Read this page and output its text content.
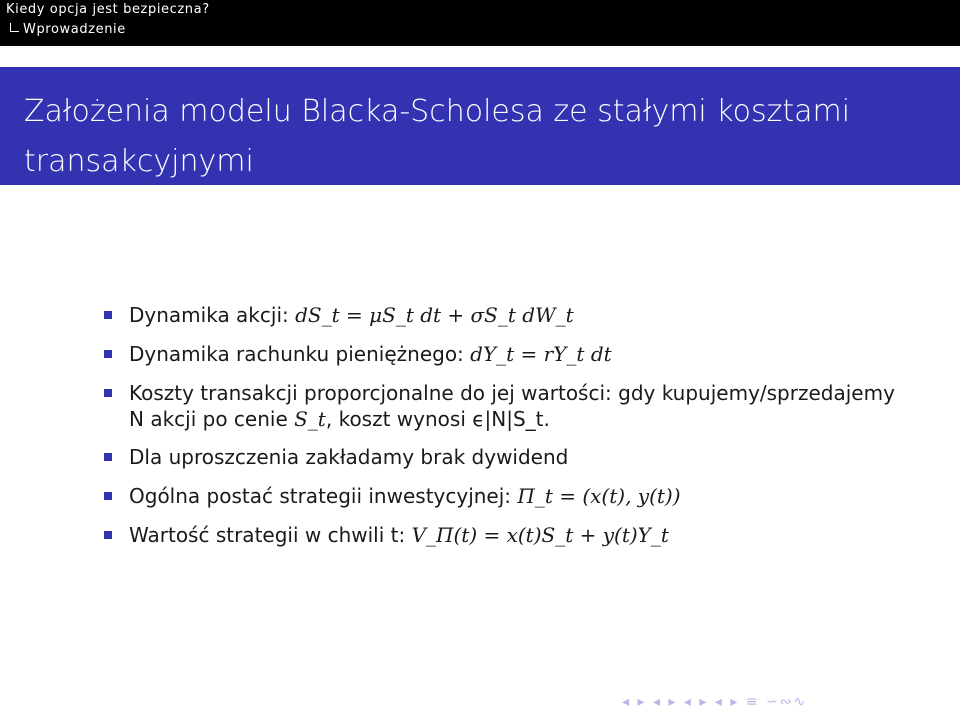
Kiedy opcja jest bezpieczna?
Wprowadzenie
Założenia modelu Blacka-Scholesa ze stałymi kosztami transakcyjnymi
Dynamika akcji: dS_t = μS_t dt + σS_t dW_t
Dynamika rachunku pieniężnego: dY_t = rY_t dt
Koszty transakcji proporcjonalne do jej wartości: gdy kupujemy/sprzedajemy N akcji po cenie S_t, koszt wynosi ϵ|N|S_t.
Dla uproszczenia zakładamy brak dywidend
Ogólna postać strategii inwestycyjnej: Π_t = (x(t), y(t))
Wartość strategii w chwili t: V_Π(t) = x(t)S_t + y(t)Y_t
◂ ▸ ◂ ▸ ◂ ▸ ◂ ▸ ≡ ∽∾∿
